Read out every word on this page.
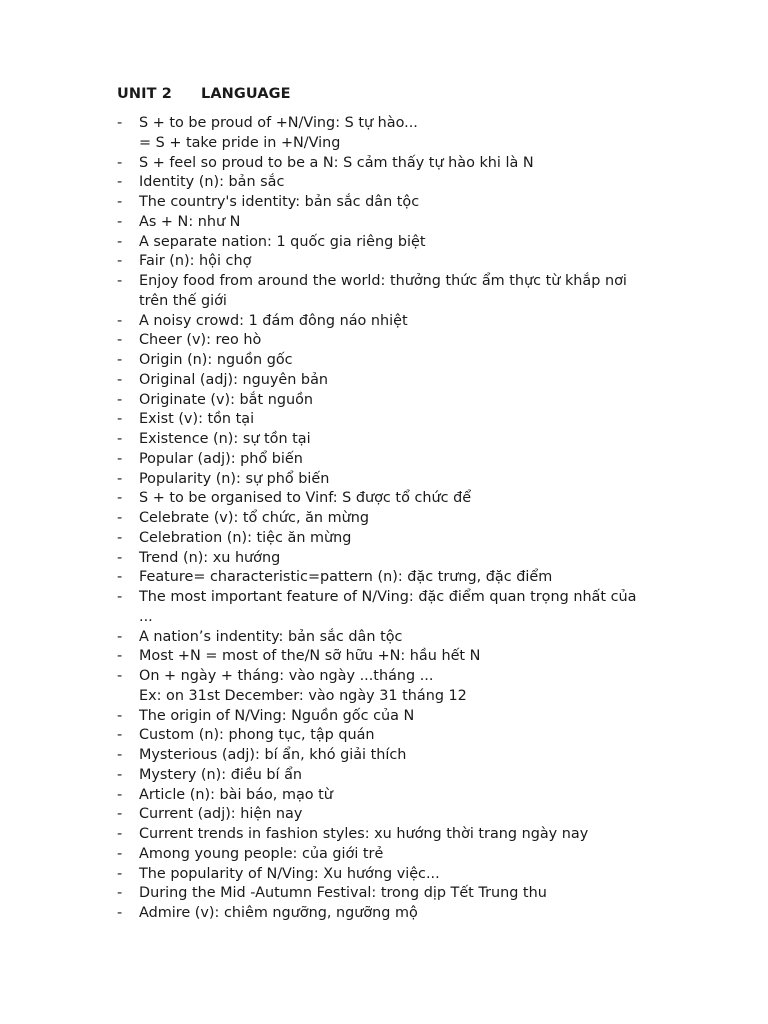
UNIT 2 LANGUAGE
- S + to be proud of +N/Ving: S tự hào...
= S + take pride in +N/Ving
- S + feel so proud to be a N: S cảm thấy tự hào khi là N
- Identity (n): bản sắc
- The country's identity: bản sắc dân tộc
- As + N: như N
- A separate nation: 1 quốc gia riêng biệt
- Fair (n): hội chợ
- Enjoy food from around the world: thưởng thức ẩm thực từ khắp nơi
trên thế giới
- A noisy crowd: 1 đám đông náo nhiệt
- Cheer (v): reo hò
- Origin (n): nguồn gốc
- Original (adj): nguyên bản
- Originate (v): bắt nguồn
- Exist (v): tồn tại
- Existence (n): sự tồn tại
- Popular (adj): phổ biến
- Popularity (n): sự phổ biến
- S + to be organised to Vinf: S được tổ chức để
- Celebrate (v): tổ chức, ăn mừng
- Celebration (n): tiệc ăn mừng
- Trend (n): xu hướng
- Feature= characteristic=pattern (n): đặc trưng, đặc điểm
- The most important feature of N/Ving: đặc điểm quan trọng nhất của
...
- A nation’s indentity: bản sắc dân tộc
- Most +N = most of the/N sỡ hữu +N: hầu hết N
- On + ngày + tháng: vào ngày ...tháng ...
Ex: on 31st December: vào ngày 31 tháng 12
- The origin of N/Ving: Nguồn gốc của N
- Custom (n): phong tục, tập quán
- Mysterious (adj): bí ẩn, khó giải thích
- Mystery (n): điều bí ẩn
- Article (n): bài báo, mạo từ
- Current (adj): hiện nay
- Current trends in fashion styles: xu hướng thời trang ngày nay
- Among young people: của giới trẻ
- The popularity of N/Ving: Xu hướng việc...
- During the Mid -Autumn Festival: trong dịp Tết Trung thu
- Admire (v): chiêm ngưỡng, ngưỡng mộ
